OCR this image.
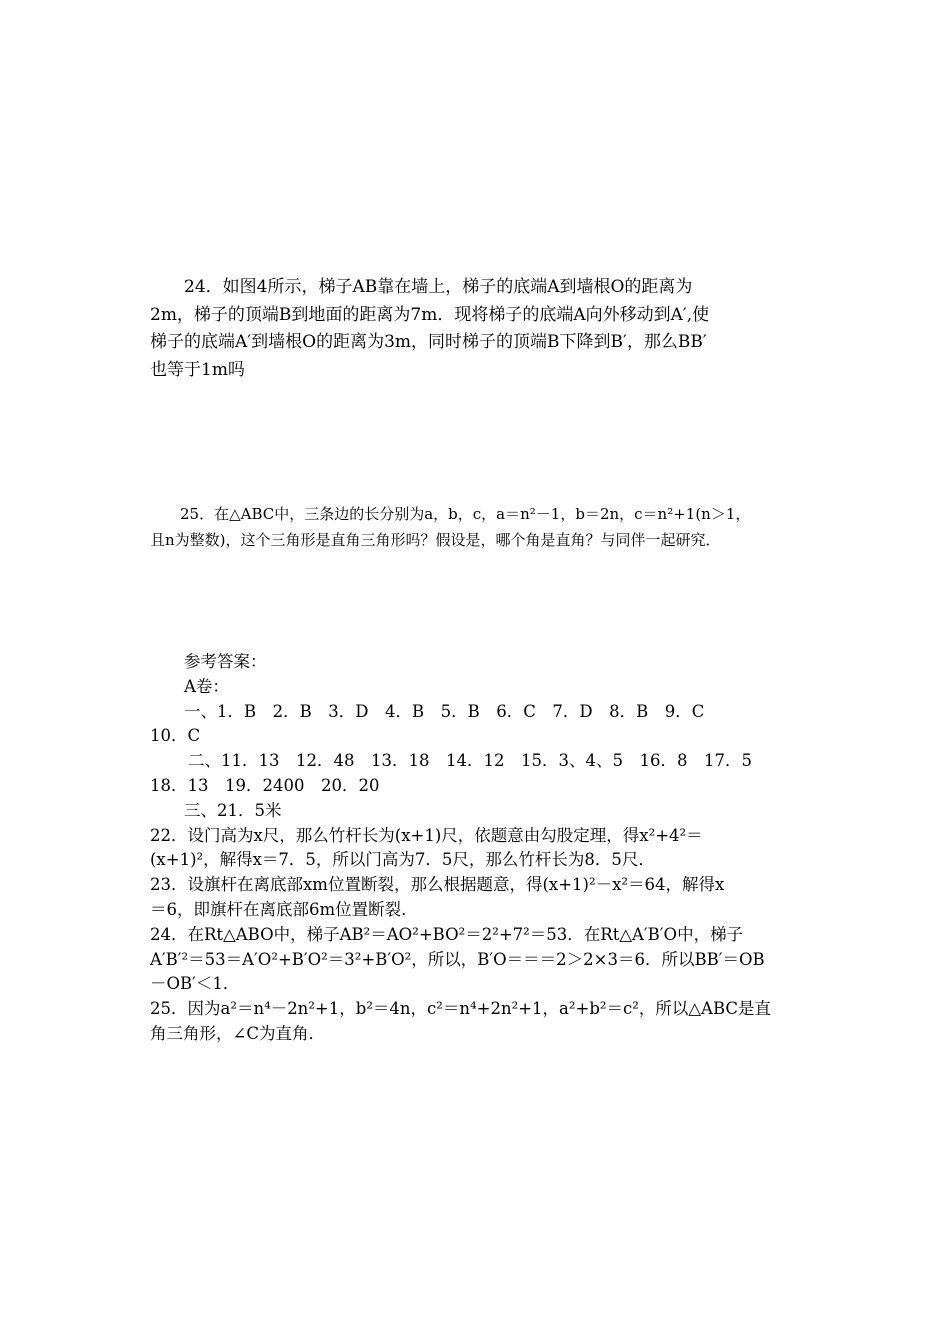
　　24．如图4所示，梯子AB靠在墙上，梯子的底端A到墙根O的距离为
2m，梯子的顶端B到地面的距离为7m．现将梯子的底端A向外移动到A′,使
梯子的底端A′到墙根O的距离为3m，同时梯子的顶端B下降到B′，那么BB′
也等于1m吗
　　25．在△ABC中，三条边的长分别为a，b，c，a＝n²－1，b＝2n，c＝n²+1(n＞1，
且n为整数)，这个三角形是直角三角形吗？假设是，哪个角是直角？与同伴一起研究．
参考答案：
A卷：
一、1．B　2．B　3．D　4．B　5．B　6．C　7．D　8．B　9．C
10．C
二、11．13　12．48　13．18　14．12　15．3、4、5　16．8　17．5
18．13　19．2400　20．20
三、21．5米
22．设门高为x尺，那么竹杆长为(x+1)尺，依题意由勾股定理，得x²+4²＝
(x+1)²，解得x＝7．5，所以门高为7．5尺，那么竹杆长为8．5尺．
23．设旗杆在离底部xm位置断裂，那么根据题意，得(x+1)²－x²＝64，解得x
＝6，即旗杆在离底部6m位置断裂．
24．在Rt△ABO中，梯子AB²＝AO²+BO²＝2²+7²＝53．在Rt△A′B′O中，梯子
A′B′²＝53＝A′O²+B′O²＝3²+B′O²，所以，B′O＝＝＝2＞2×3＝6．所以BB′＝OB
－OB′＜1．
25．因为a²＝n⁴－2n²+1，b²＝4n，c²＝n⁴+2n²+1，a²+b²＝c²，所以△ABC是直
角三角形，∠C为直角．
